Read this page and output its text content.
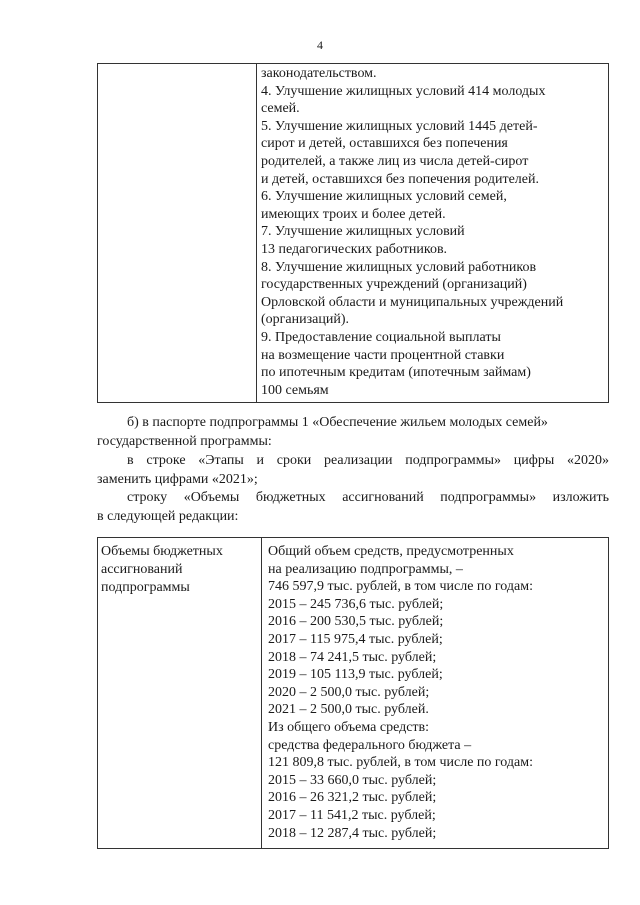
4

законодательством.
4. Улучшение жилищных условий 414 молодых
семей.
5. Улучшение жилищных условий 1445 детей-
сирот и детей, оставшихся без попечения
родителей, а также лиц из числа детей-сирот
и детей, оставшихся без попечения родителей.
6. Улучшение жилищных условий семей,
имеющих троих и более детей.
7. Улучшение жилищных условий
13 педагогических работников.
8. Улучшение жилищных условий работников
государственных учреждений (организаций)
Орловской области и муниципальных учреждений
(организаций).
9. Предоставление социальной выплаты
на возмещение части процентной ставки
по ипотечным кредитам (ипотечным займам)
100 семьям
б) в паспорте подпрограммы 1 «Обеспечение жильем молодых семей»
государственной программы:
в строке «Этапы и сроки реализации подпрограммы» цифры «2020»
заменить цифрами «2021»;
строку «Объемы бюджетных ассигнований подпрограммы» изложить
в следующей редакции:
Объемы бюджетных
ассигнований
подпрограммы

Общий объем средств, предусмотренных
на реализацию подпрограммы, –
746 597,9 тыс. рублей, в том числе по годам:
2015 – 245 736,6 тыс. рублей;
2016 – 200 530,5 тыс. рублей;
2017 – 115 975,4 тыс. рублей;
2018 – 74 241,5 тыс. рублей;
2019 – 105 113,9 тыс. рублей;
2020 – 2 500,0 тыс. рублей;
2021 – 2 500,0 тыс. рублей.
Из общего объема средств:
средства федерального бюджета –
121 809,8 тыс. рублей, в том числе по годам:
2015 – 33 660,0 тыс. рублей;
2016 – 26 321,2 тыс. рублей;
2017 – 11 541,2 тыс. рублей;
2018 – 12 287,4 тыс. рублей;
